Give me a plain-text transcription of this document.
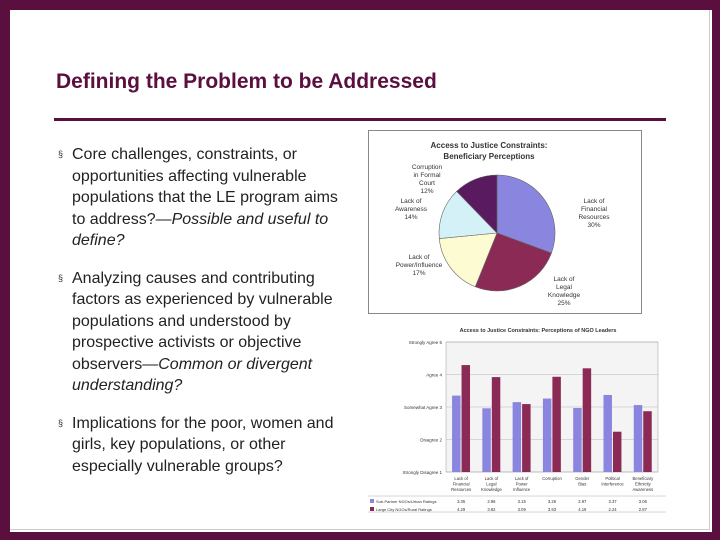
Defining the Problem to be Addressed
§ Core challenges, constraints, or opportunities affecting vulnerable populations that the LE program aims to address?—Possible and useful to define?
§ Analyzing causes and contributing factors as experienced by vulnerable populations and understood by prospective activists or objective observers—Common or divergent understanding?
§ Implications for the poor, women and girls, key populations, or other especially vulnerable groups?
Access to Justice Constraints:
Beneficiary Perceptions
Lack of
Financial
Resources
30%
Lack of
Legal
Knowledge
25%
Lack of
Power/Influence
17%
Lack of
Awareness
14%
Corruption
in Formal
Court
12%
Access to Justice Constraints: Perceptions of NGO Leaders
Strongly Agree 5
Agree 4
Somewhat Agree 3
Disagree 2
Strongly Disagree 1
Lack of
Financial
Resources
Lack of
Legal
Knowledge
Lack of
Power
Influence
Corruption	Gender
Bias
Political
Interference
Beneficiary
Ethnicity
Awareness
Sub-Partner NGOs/Urban Ratings	3.35	2.96	3.15	3.26	2.97	3.37	3.06
Large City NGOs/Rural Ratings	4.29	3.92	3.09	3.93	4.19	2.24	2.87
